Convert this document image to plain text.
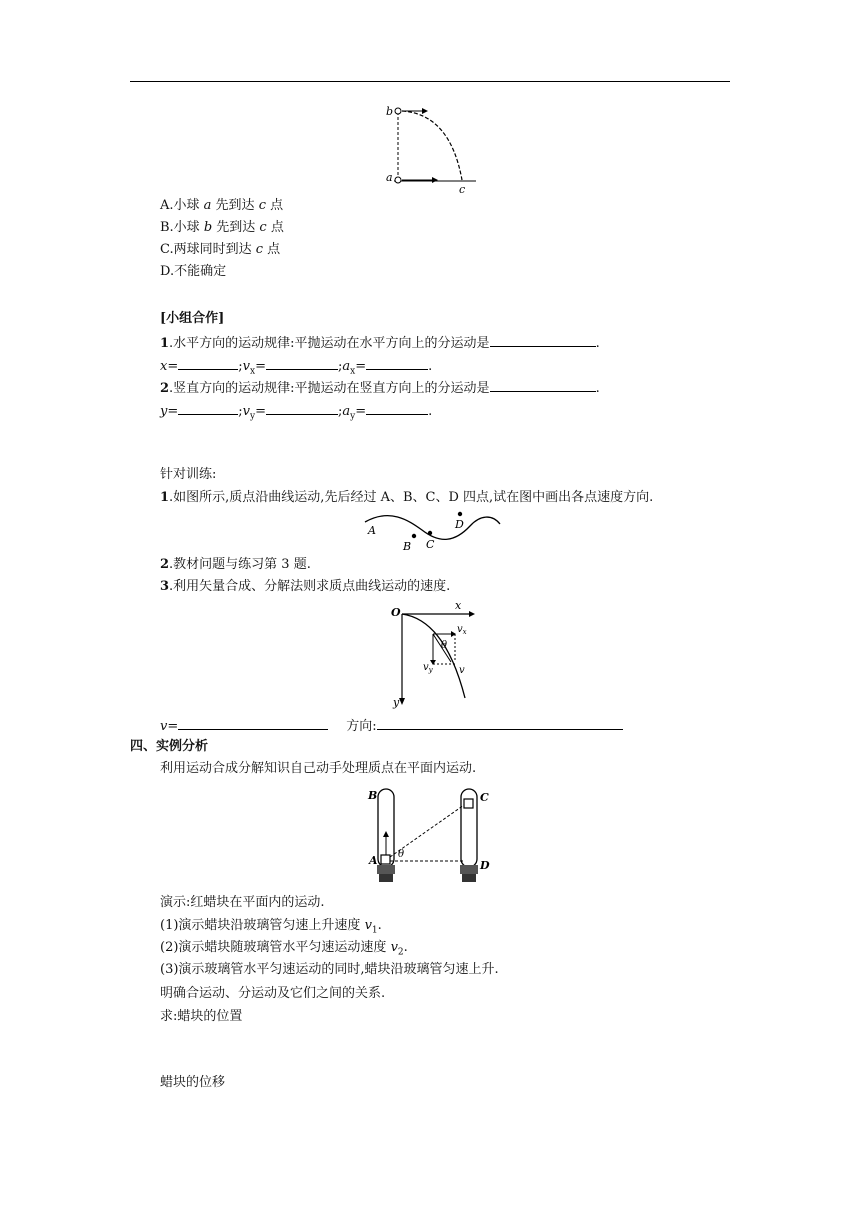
b
a
c
A.小球 a 先到达 c 点
B.小球 b 先到达 c 点
C.两球同时到达 c 点
D.不能确定
[小组合作]
1.水平方向的运动规律:平抛运动在水平方向上的分运动是	.
x=	$;v_x=$	$;a_x=$	.
2.竖直方向的运动规律:平抛运动在竖直方向上的分运动是	.
y=	$;v_y=$	$;a_y=$	.
针对训练:
1.如图所示,质点沿曲线运动,先后经过 A、B、C、D 四点,试在图中画出各点速度方向.
A
B C
D
2.教材问题与练习第 3 题.
3.利用矢量合成、分解法则求质点曲线运动的速度.
O
x
y
$v_x$
$v_y$	v
θ
v=	方向:
四、实例分析
利用运动合成分解知识自己动手处理质点在平面内运动.
B
A
C
D
θ
演示:红蜡块在平面内的运动.
(1)演示蜡块沿玻璃管匀速上升速度 $v_1$.
(2)演示蜡块随玻璃管水平匀速运动速度 $v_2$.
(3)演示玻璃管水平匀速运动的同时,蜡块沿玻璃管匀速上升.
明确合运动、分运动及它们之间的关系.
求:蜡块的位置
蜡块的位移
